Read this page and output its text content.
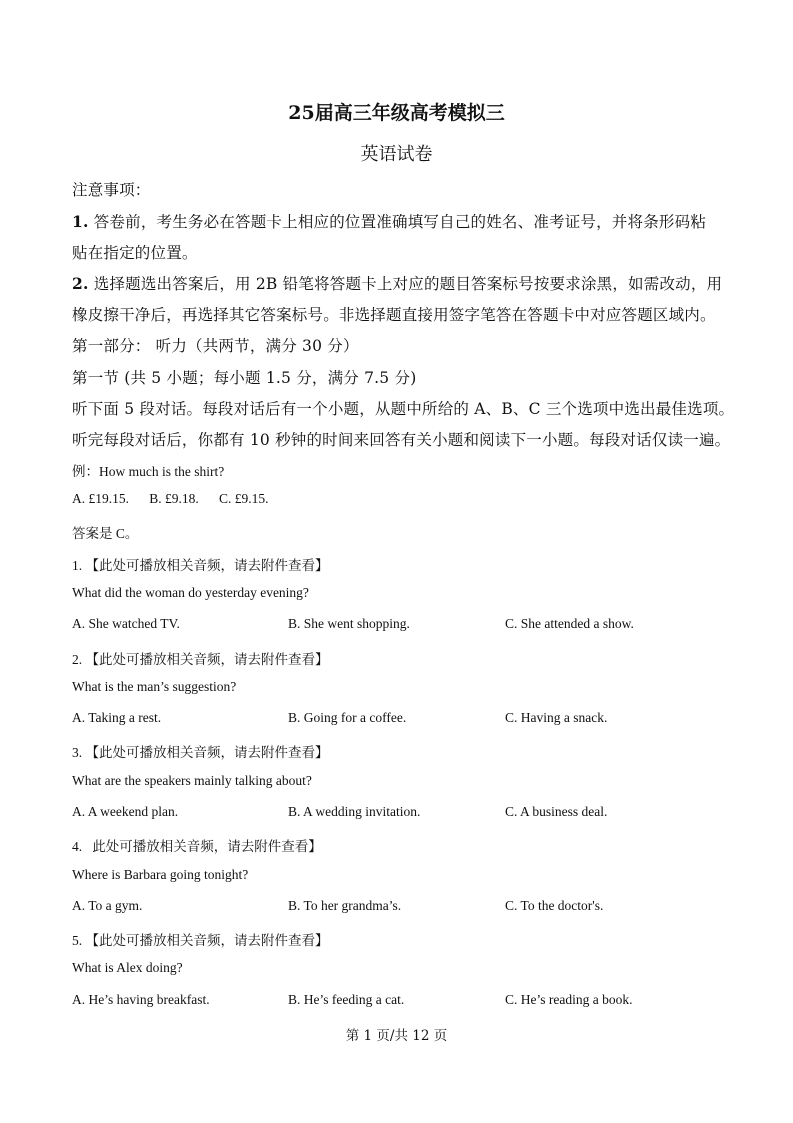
25届高三年级高考模拟三
英语试卷
注意事项：
1. 答卷前，考生务必在答题卡上相应的位置准确填写自己的姓名、准考证号，并将条形码粘
贴在指定的位置。
2. 选择题选出答案后，用 2B 铅笔将答题卡上对应的题目答案标号按要求涂黑，如需改动，用
橡皮擦干净后，再选择其它答案标号。非选择题直接用签字笔答在答题卡中对应答题区域内。
第一部分： 听力（共两节，满分 30 分）
第一节 (共 5 小题；每小题 1.5 分，满分 7.5 分)
听下面 5 段对话。每段对话后有一个小题，从题中所给的 A、B、C 三个选项中选出最佳选项。
听完每段对话后，你都有 10 秒钟的时间来回答有关小题和阅读下一小题。每段对话仅读一遍。
例：How much is the shirt?
A. £19.15.      B. £9.18.      C. £9.15.
答案是 C。
1. 【此处可播放相关音频，请去附件查看】
What did the woman do yesterday evening?
A. She watched TV.	B. She went shopping.	C. She attended a show.
2. 【此处可播放相关音频，请去附件查看】
What is the man’s suggestion?
A. Taking a rest.	B. Going for a coffee.	C. Having a snack.
3. 【此处可播放相关音频，请去附件查看】
What are the speakers mainly talking about?
A. A weekend plan.	B. A wedding invitation.	C. A business deal.
4.   此处可播放相关音频，请去附件查看】
Where is Barbara going tonight?
A. To a gym.	B. To her grandma’s.	C. To the doctor's.
5. 【此处可播放相关音频，请去附件查看】
What is Alex doing?
A. He’s having breakfast.	B. He’s feeding a cat.	C. He’s reading a book.
第 1 页/共 12 页
